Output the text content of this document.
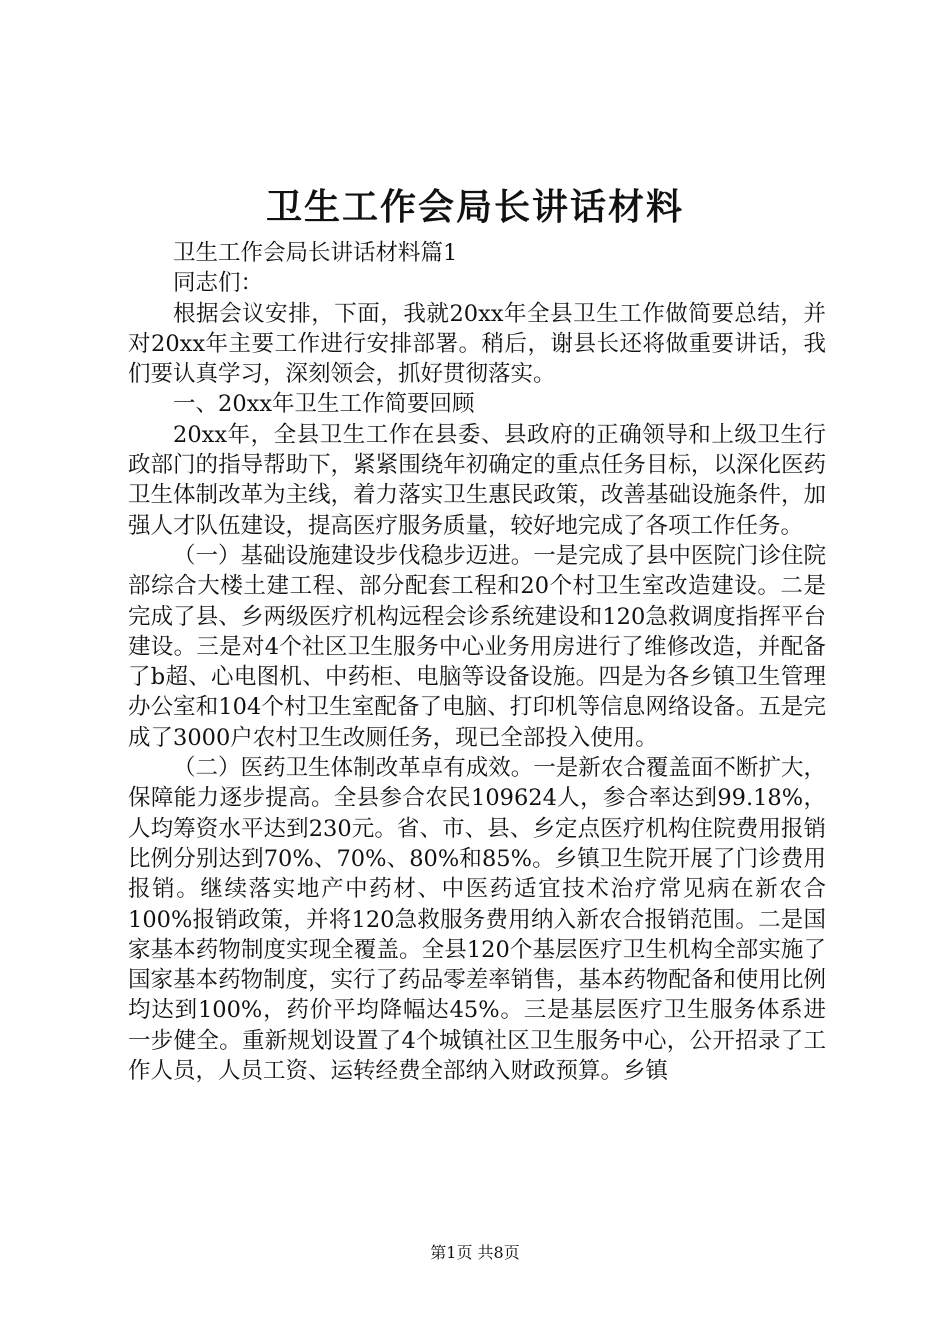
卫生工作会局长讲话材料

卫生工作会局长讲话材料篇1

同志们：

根据会议安排，下面，我就20xx年全县卫生工作做简要总结，并对20xx年主要工作进行安排部署。稍后，谢县长还将做重要讲话，我们要认真学习，深刻领会，抓好贯彻落实。

一、20xx年卫生工作简要回顾

20xx年，全县卫生工作在县委、县政府的正确领导和上级卫生行政部门的指导帮助下，紧紧围绕年初确定的重点任务目标，以深化医药卫生体制改革为主线，着力落实卫生惠民政策，改善基础设施条件，加强人才队伍建设，提高医疗服务质量，较好地完成了各项工作任务。

（一）基础设施建设步伐稳步迈进。一是完成了县中医院门诊住院部综合大楼土建工程、部分配套工程和20个村卫生室改造建设。二是完成了县、乡两级医疗机构远程会诊系统建设和120急救调度指挥平台建设。三是对4个社区卫生服务中心业务用房进行了维修改造，并配备了b超、心电图机、中药柜、电脑等设备设施。四是为各乡镇卫生管理办公室和104个村卫生室配备了电脑、打印机等信息网络设备。五是完成了3000户农村卫生改厕任务，现已全部投入使用。

（二）医药卫生体制改革卓有成效。一是新农合覆盖面不断扩大，保障能力逐步提高。全县参合农民109624人，参合率达到99.18%，人均筹资水平达到230元。省、市、县、乡定点医疗机构住院费用报销比例分别达到70%、70%、80%和85%。乡镇卫生院开展了门诊费用报销。继续落实地产中药材、中医药适宜技术治疗常见病在新农合100%报销政策，并将120急救服务费用纳入新农合报销范围。二是国家基本药物制度实现全覆盖。全县120个基层医疗卫生机构全部实施了国家基本药物制度，实行了药品零差率销售，基本药物配备和使用比例均达到100%，药价平均降幅达45%。三是基层医疗卫生服务体系进一步健全。重新规划设置了4个城镇社区卫生服务中心，公开招录了工作人员，人员工资、运转经费全部纳入财政预算。乡镇

第1页 共8页
